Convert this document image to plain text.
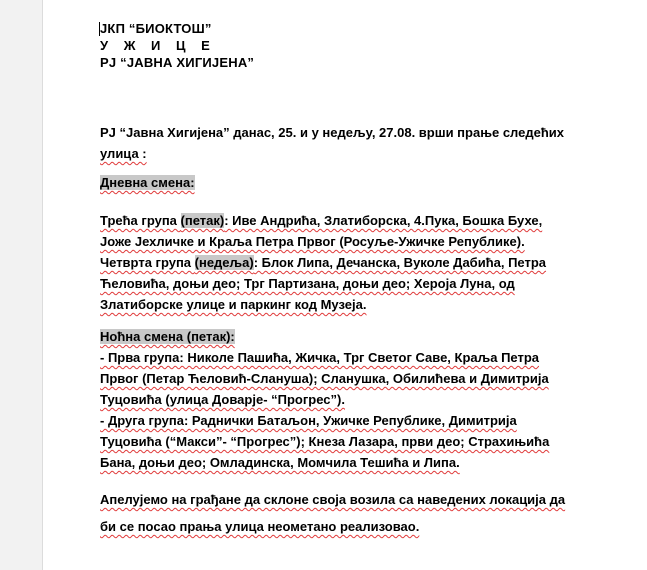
ЈКП “БИОКТОШ”
У Ж И Ц Е
РЈ “ЈАВНА ХИГИЈЕНА”
РЈ “Јавна Хигијена” данас, 25. и у недељу, 27.08. врши прање следећих
улица :
Дневна смена:
Трећа група (петак): Иве Андрића, Златиборска, 4.Пука, Бошка Бухе,
Јоже Јехличке и Краља Петра Првог (Росуље-Ужичке Републике).
Четврта група (недеља): Блок Липа, Дечанска, Вуколе Дабића, Петра
Ћеловића, доњи део; Трг Партизана, доњи део; Хероја Луна, од
Златиборске улице и паркинг код Музеја.
Ноћна смена (петак):
- Прва група: Николе Пашића, Жичка, Трг Светог Саве, Краља Петра
Првог (Петар Ћеловић-Слануша); Сланушка, Обилићева и Димитрија
Туцовића (улица Доварје- “Прогрес”).
- Друга група: Раднички Батаљон, Ужичке Републике, Димитрија
Туцовића (“Макси”- “Прогрес”); Кнеза Лазара, први део; Страхињића
Бана, доњи део; Омладинска, Момчила Тешића и Липа.
Апелујемо на грађане да склоне своја возила са наведених локација да
би се посао прања улица неометано реализовао.
